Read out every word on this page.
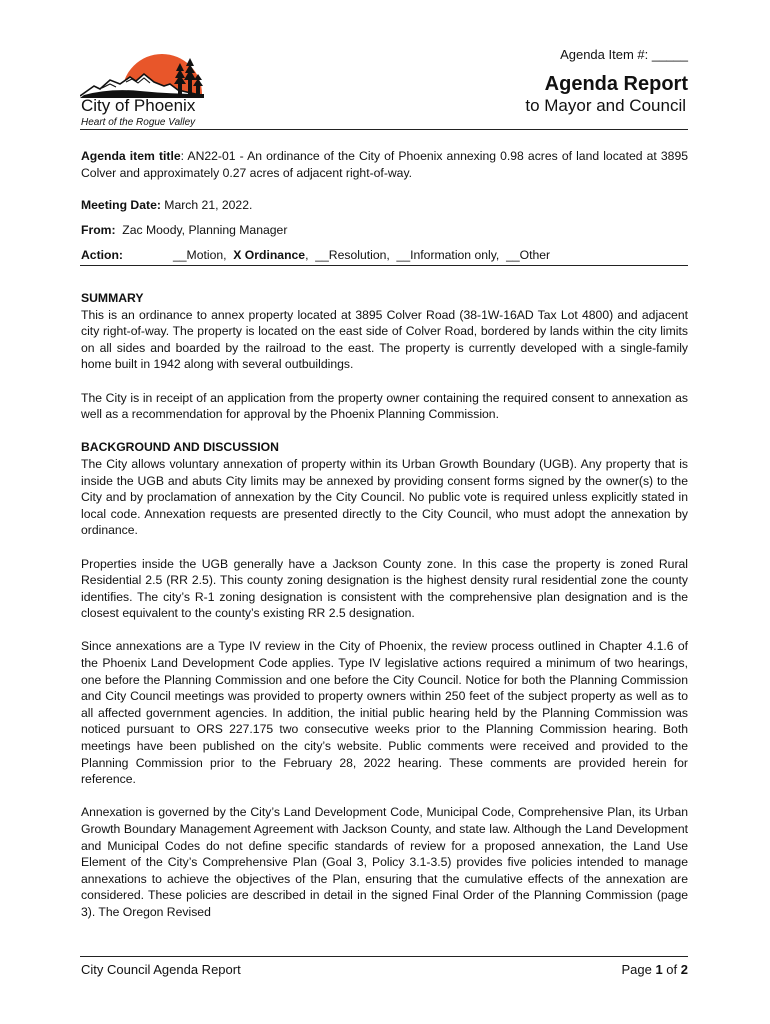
Agenda Item #: _____
City of Phoenix
Heart of the Rogue Valley
Agenda Report
to Mayor and Council
Agenda item title: AN22-01 - An ordinance of the City of Phoenix annexing 0.98 acres of land located at 3895 Colver and approximately 0.27 acres of adjacent right-of-way.
Meeting Date: March 21, 2022.
From:  Zac Moody, Planning Manager
Action:	__Motion,  X Ordinance,  __Resolution,  __Information only,  __Other
SUMMARY

This is an ordinance to annex property located at 3895 Colver Road (38-1W-16AD Tax Lot 4800) and adjacent city right-of-way. The property is located on the east side of Colver Road, bordered by lands within the city limits on all sides and boarded by the railroad to the east. The property is currently developed with a single-family home built in 1942 along with several outbuildings.

The City is in receipt of an application from the property owner containing the required consent to annexation as well as a recommendation for approval by the Phoenix Planning Commission.

BACKGROUND AND DISCUSSION

The City allows voluntary annexation of property within its Urban Growth Boundary (UGB). Any property that is inside the UGB and abuts City limits may be annexed by providing consent forms signed by the owner(s) to the City and by proclamation of annexation by the City Council. No public vote is required unless explicitly stated in local code. Annexation requests are presented directly to the City Council, who must adopt the annexation by ordinance.

Properties inside the UGB generally have a Jackson County zone. In this case the property is zoned Rural Residential 2.5 (RR 2.5). This county zoning designation is the highest density rural residential zone the county identifies. The city’s R-1 zoning designation is consistent with the comprehensive plan designation and is the closest equivalent to the county’s existing RR 2.5 designation.

Since annexations are a Type IV review in the City of Phoenix, the review process outlined in Chapter 4.1.6 of the Phoenix Land Development Code applies. Type IV legislative actions required a minimum of two hearings, one before the Planning Commission and one before the City Council. Notice for both the Planning Commission and City Council meetings was provided to property owners within 250 feet of the subject property as well as to all affected government agencies. In addition, the initial public hearing held by the Planning Commission was noticed pursuant to ORS 227.175 two consecutive weeks prior to the Planning Commission hearing. Both meetings have been published on the city’s website. Public comments were received and provided to the Planning Commission prior to the February 28, 2022 hearing. These comments are provided herein for reference.

Annexation is governed by the City’s Land Development Code, Municipal Code, Comprehensive Plan, its Urban Growth Boundary Management Agreement with Jackson County, and state law. Although the Land Development and Municipal Codes do not define specific standards of review for a proposed annexation, the Land Use Element of the City’s Comprehensive Plan (Goal 3, Policy 3.1-3.5) provides five policies intended to manage annexations to achieve the objectives of the Plan, ensuring that the cumulative effects of the annexation are considered. These policies are described in detail in the signed Final Order of the Planning Commission (page 3). The Oregon Revised

City Council Agenda Report	Page 1 of 2
